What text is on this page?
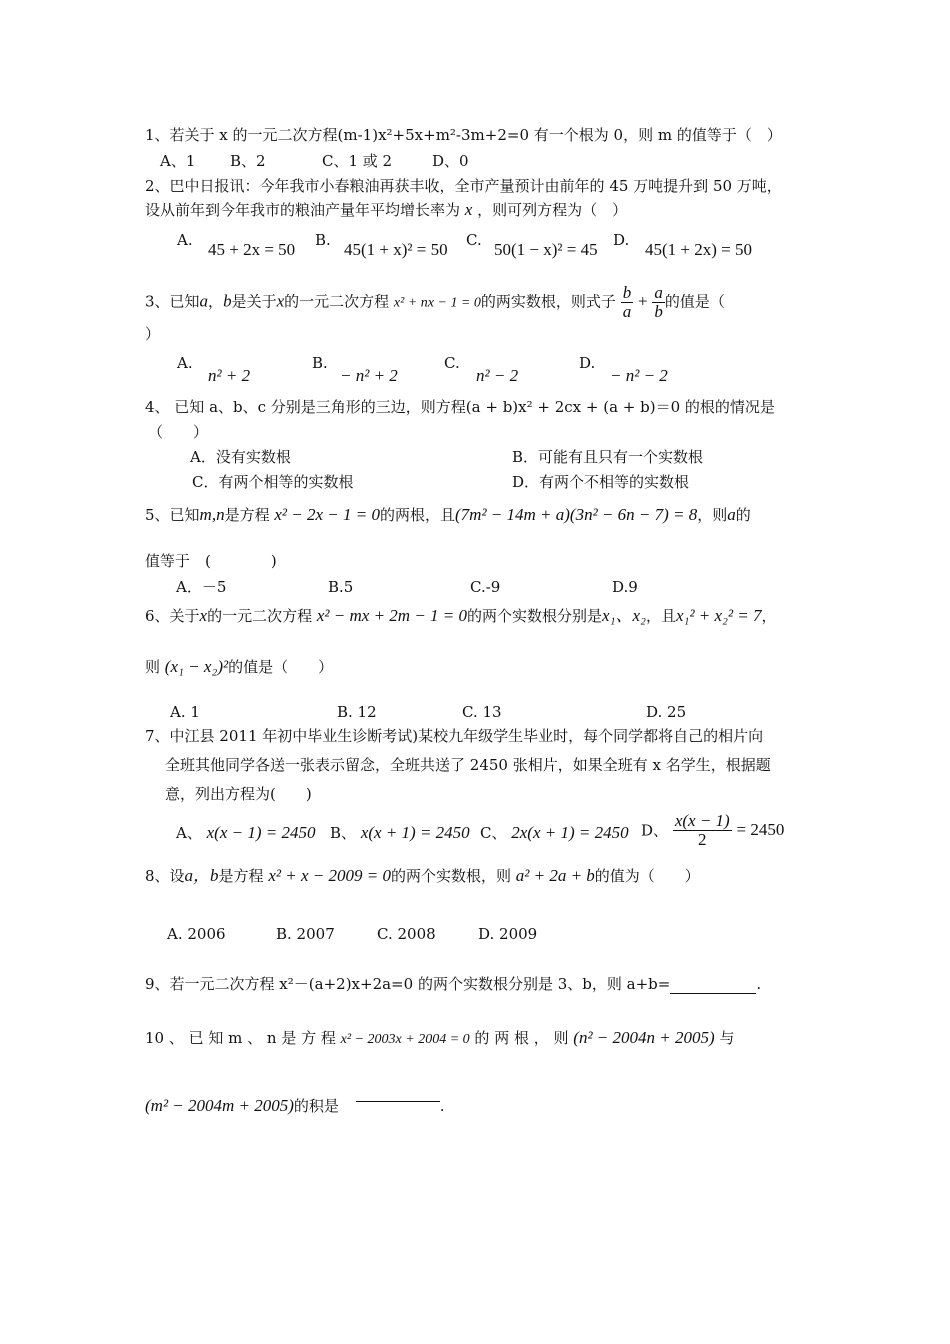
1、若关于 x 的一元二次方程(m-1)x²+5x+m²-3m+2=0 有一个根为 0，则 m 的值等于（　）
A、1 B、2	C、1 或 2	D、0
2、巴中日报讯：今年我市小春粮油再获丰收，全市产量预计由前年的 45 万吨提升到 50 万吨，
设从前年到今年我市的粮油产量年平均增长率为 x ，则可列方程为（　）
A. 45 + 2x = 50 B. 45(1 + x)² = 50 C. 50(1 − x)² = 45 D. 45(1 + 2x) = 50
3、已知a，b是关于x的一元二次方程 x² + nx − 1 = 0的两实数根，则式子 $\frac{b}{a} + \frac{a}{b}$ 的值是（
）
A.
n² + 2
B.
− n² + 2
C.
n² − 2
D.
− n² − 2
4、 已知 a、b、c 分别是三角形的三边，则方程(a + b)x² + 2cx + (a + b)＝0 的根的情况是
（　　）
A．没有实数根	B．可能有且只有一个实数根
C．有两个相等的实数根	D．有两个不相等的实数根
5、已知m,n是方程 x² − 2x − 1 = 0的两根，且(7m² − 14m + a)(3n² − 6n − 7) = 8，则a的
值等于　(　　　　)
A．－5	B.5	C.-9	D.9
6、关于x的一元二次方程 x² − mx + 2m − 1 = 0的两个实数根分别是x₁、x₂，且x₁² + x₂² = 7，
则 (x₁ − x₂)²的值是（　　）
A. 1	B. 12	C. 13	D. 25
7、中江县 2011 年初中毕业生诊断考试)某校九年级学生毕业时，每个同学都将自己的相片向
全班其他同学各送一张表示留念，全班共送了 2450 张相片，如果全班有 x 名学生，根据题
意，列出方程为(　　)
A、 x(x − 1) = 2450 B、 x(x + 1) = 2450 C、 2x(x + 1) = 2450 D、 $\frac{x(x - 1)}{2} = 2450$
8、设a，b是方程 x² + x − 2009 = 0的两个实数根，则 a² + 2a + b的值为（　　）
A. 2006	B. 2007	C. 2008	D. 2009
9、若一元二次方程 x²－(a+2)x+2a=0 的两个实数根分别是 3、b，则 a+b=	.
10 、 已 知 m 、 n 是 方 程 x² − 2003x + 2004 = 0 的 两 根 ， 则 (n² − 2004n + 2005) 与
(m² − 2004m + 2005)的积是	.
